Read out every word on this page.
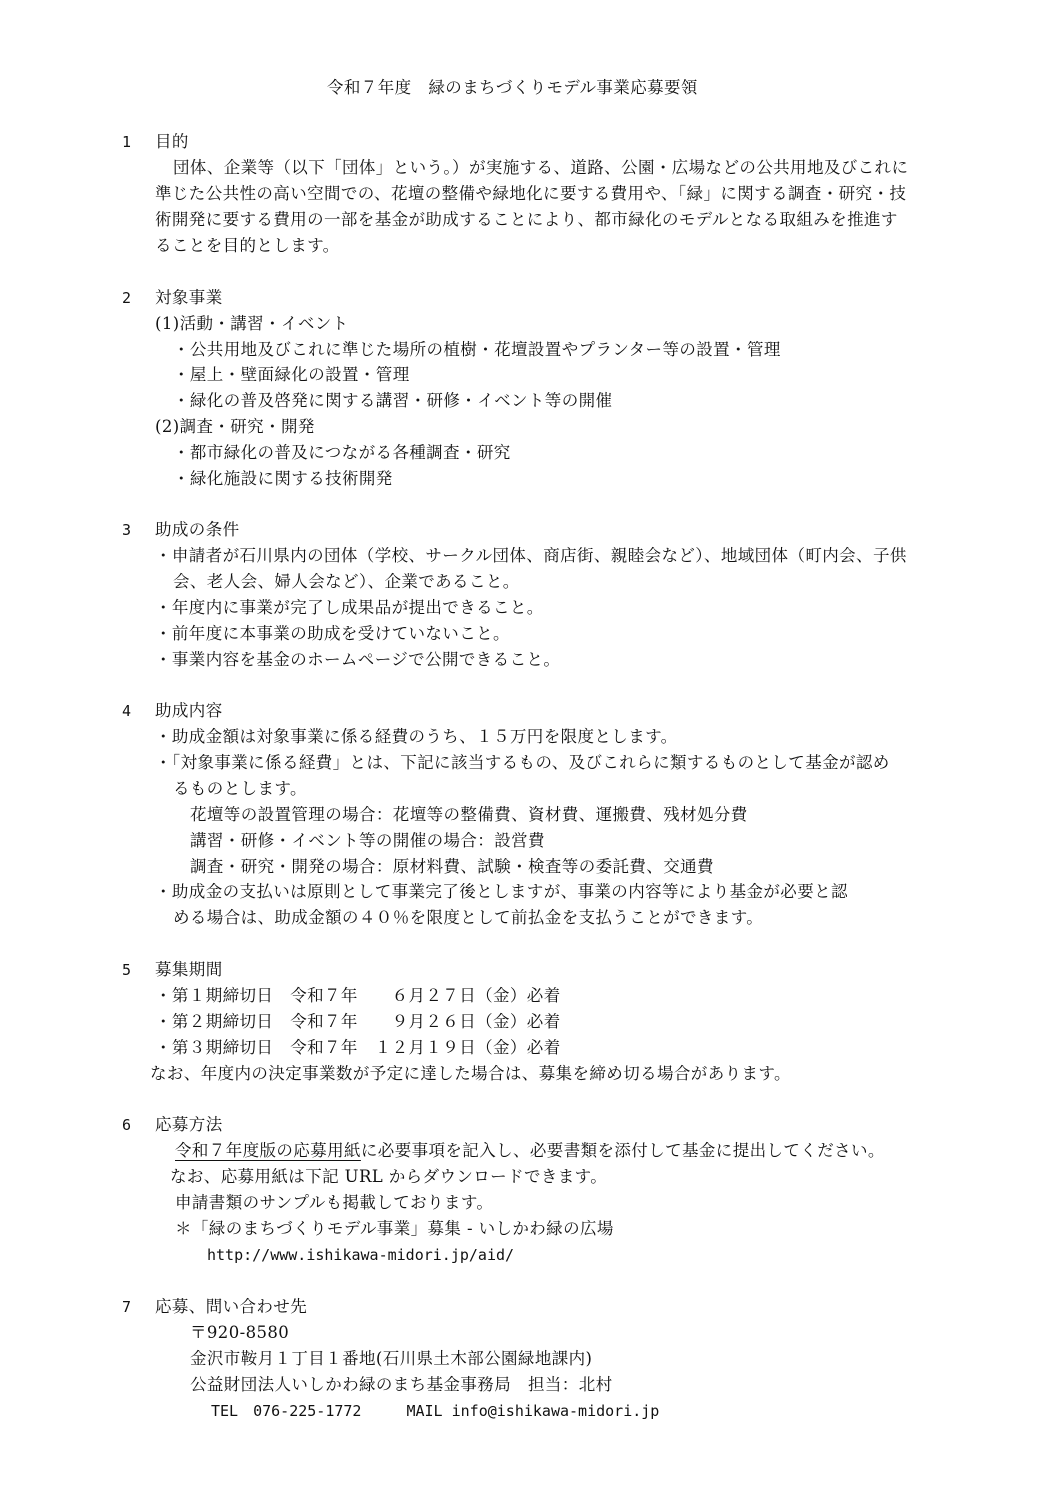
令和７年度　緑のまちづくりモデル事業応募要領
1 目的
団体、企業等（以下「団体」という。）が実施する、道路、公園・広場などの公共用地及びこれに
準じた公共性の高い空間での、花壇の整備や緑地化に要する費用や、「緑」に関する調査・研究・技
術開発に要する費用の一部を基金が助成することにより、都市緑化のモデルとなる取組みを推進す
ることを目的とします。
2 対象事業
(1)活動・講習・イベント
・公共用地及びこれに準じた場所の植樹・花壇設置やプランター等の設置・管理
・屋上・壁面緑化の設置・管理
・緑化の普及啓発に関する講習・研修・イベント等の開催
(2)調査・研究・開発
・都市緑化の普及につながる各種調査・研究
・緑化施設に関する技術開発
3 助成の条件
・申請者が石川県内の団体（学校、サークル団体、商店街、親睦会など）、地域団体（町内会、子供
会、老人会、婦人会など）、企業であること。
・年度内に事業が完了し成果品が提出できること。
・前年度に本事業の助成を受けていないこと。
・事業内容を基金のホームページで公開できること。
4 助成内容
・助成金額は対象事業に係る経費のうち、１５万円を限度とします。
・「対象事業に係る経費」とは、下記に該当するもの、及びこれらに類するものとして基金が認め
るものとします。
花壇等の設置管理の場合：花壇等の整備費、資材費、運搬費、残材処分費
講習・研修・イベント等の開催の場合：設営費
調査・研究・開発の場合：原材料費、試験・検査等の委託費、交通費
・助成金の支払いは原則として事業完了後としますが、事業の内容等により基金が必要と認
める場合は、助成金額の４０％を限度として前払金を支払うことができます。
5 募集期間
・第１期締切日　令和７年　　６月２７日（金）必着
・第２期締切日　令和７年　　９月２６日（金）必着
・第３期締切日　令和７年　１２月１９日（金）必着
なお、年度内の決定事業数が予定に達した場合は、募集を締め切る場合があります。
6 応募方法
令和７年度版の応募用紙に必要事項を記入し、必要書類を添付して基金に提出してください。
なお、応募用紙は下記 URL からダウンロードできます。
申請書類のサンプルも掲載しております。
＊「緑のまちづくりモデル事業」募集 - いしかわ緑の広場
http://www.ishikawa-midori.jp/aid/
7 応募、問い合わせ先
〒920-8580
金沢市鞍月１丁目１番地(石川県土木部公園緑地課内)
公益財団法人いしかわ緑のまち基金事務局　担当：北村
TEL　076-225-1772　　　MAIL info@ishikawa-midori.jp
